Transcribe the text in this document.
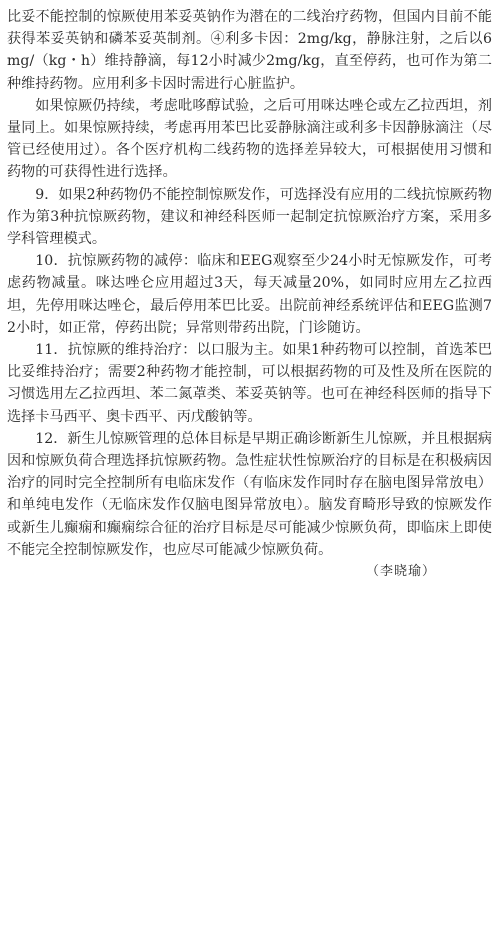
比妥不能控制的惊厥使用苯妥英钠作为潜在的二线治疗药物，但国内目前不能获得苯妥英钠和磷苯妥英制剂。④利多卡因：2mg/kg，静脉注射，之后以6mg/（kg・h）维持静滴，每12小时减少2mg/kg，直至停药，也可作为第二种维持药物。应用利多卡因时需进行心脏监护。

如果惊厥仍持续，考虑吡哆醇试验，之后可用咪达唑仑或左乙拉西坦，剂量同上。如果惊厥持续，考虑再用苯巴比妥静脉滴注或利多卡因静脉滴注（尽管已经使用过）。各个医疗机构二线药物的选择差异较大，可根据使用习惯和药物的可获得性进行选择。

9．如果2种药物仍不能控制惊厥发作，可选择没有应用的二线抗惊厥药物作为第3种抗惊厥药物，建议和神经科医师一起制定抗惊厥治疗方案，采用多学科管理模式。

10．抗惊厥药物的减停：临床和EEG观察至少24小时无惊厥发作，可考虑药物减量。咪达唑仑应用超过3天，每天减量20%，如同时应用左乙拉西坦，先停用咪达唑仑，最后停用苯巴比妥。出院前神经系统评估和EEG监测72小时，如正常，停药出院；异常则带药出院，门诊随访。

11．抗惊厥的维持治疗：以口服为主。如果1种药物可以控制，首选苯巴比妥维持治疗；需要2种药物才能控制，可以根据药物的可及性及所在医院的习惯选用左乙拉西坦、苯二氮䓬类、苯妥英钠等。也可在神经科医师的指导下选择卡马西平、奥卡西平、丙戊酸钠等。

12．新生儿惊厥管理的总体目标是早期正确诊断新生儿惊厥，并且根据病因和惊厥负荷合理选择抗惊厥药物。急性症状性惊厥治疗的目标是在积极病因治疗的同时完全控制所有电临床发作（有临床发作同时存在脑电图异常放电）和单纯电发作（无临床发作仅脑电图异常放电）。脑发育畸形导致的惊厥发作或新生儿癫痫和癫痫综合征的治疗目标是尽可能减少惊厥负荷，即临床上即使不能完全控制惊厥发作，也应尽可能减少惊厥负荷。

（李晓瑜）
